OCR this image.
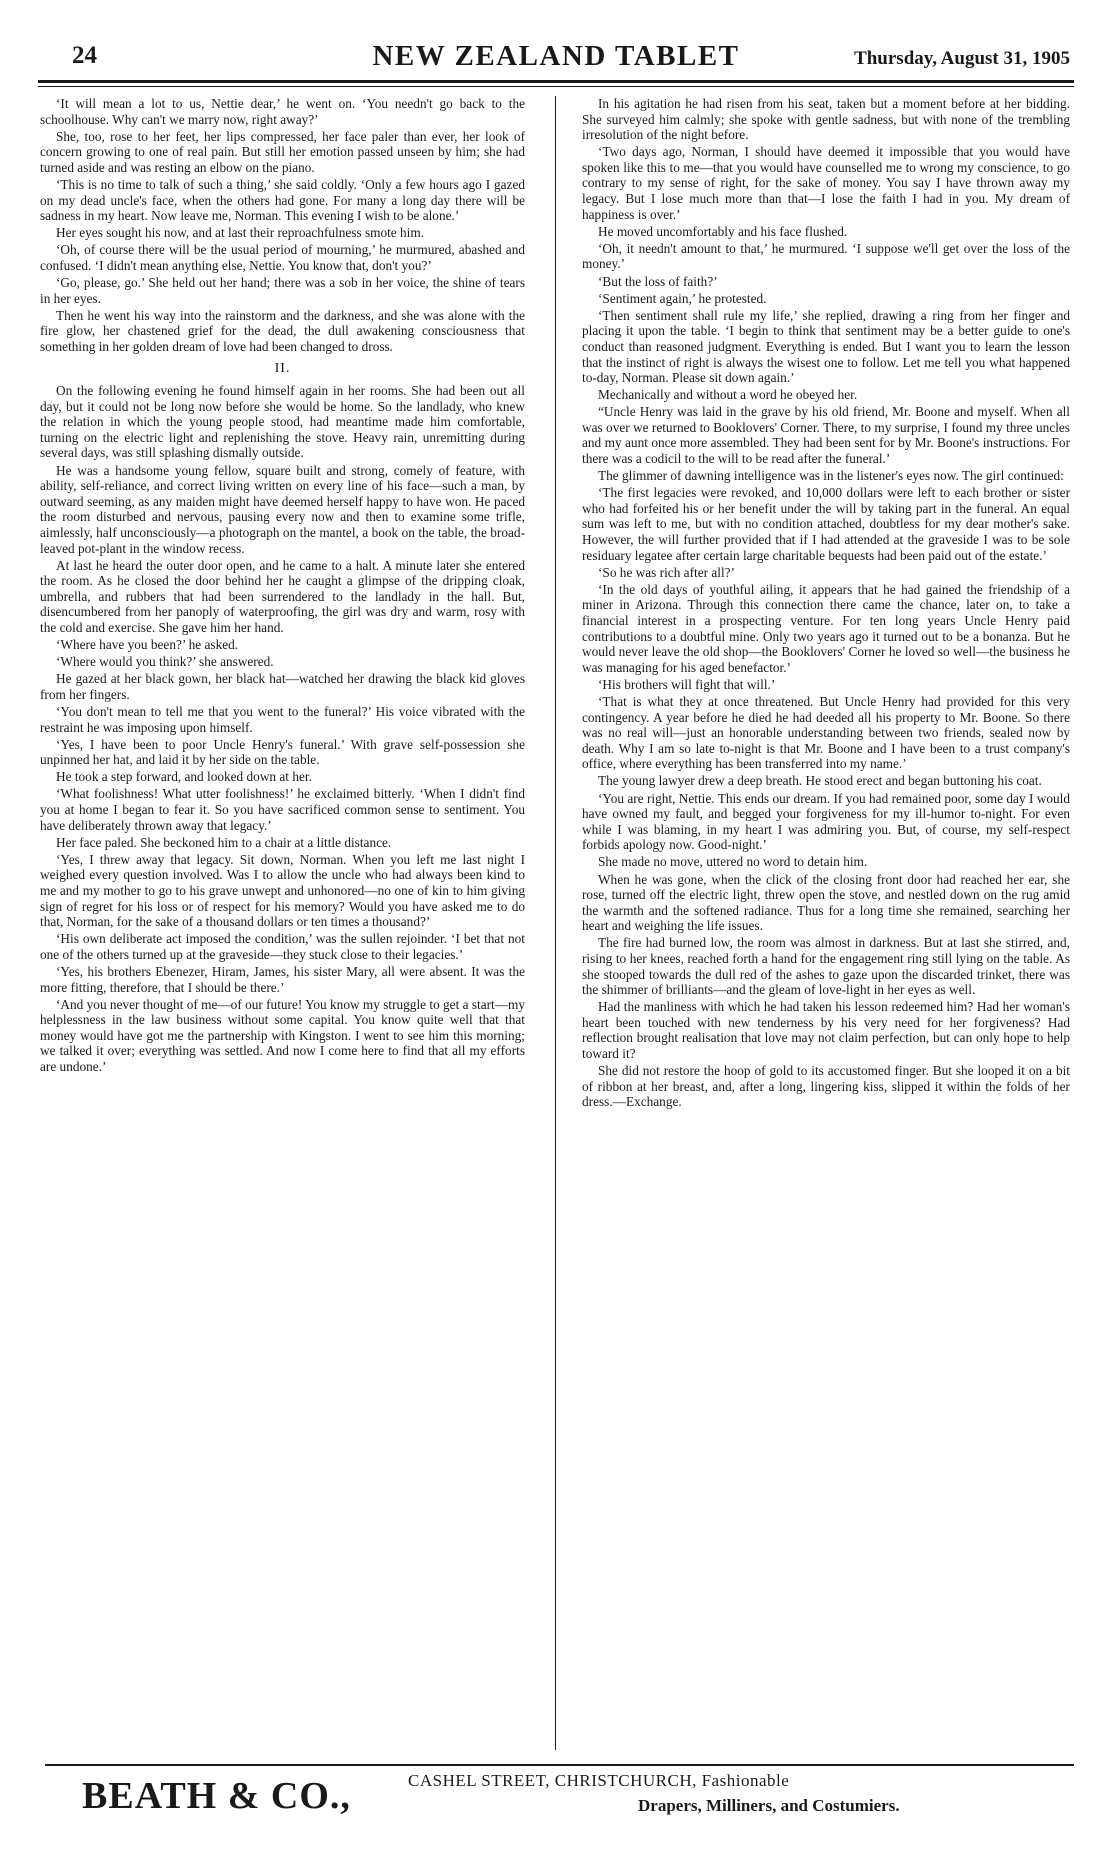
24	NEW ZEALAND TABLET	Thursday, August 31, 1905

‘It will mean a lot to us, Nettie dear,’ he went on. ‘You needn't go back to the schoolhouse. Why can't we marry now, right away?’

She, too, rose to her feet, her lips compressed, her face paler than ever, her look of concern growing to one of real pain. But still her emotion passed unseen by him; she had turned aside and was resting an elbow on the piano.

‘This is no time to talk of such a thing,’ she said coldly. ‘Only a few hours ago I gazed on my dead uncle's face, when the others had gone. For many a long day there will be sadness in my heart. Now leave me, Norman. This evening I wish to be alone.’

Her eyes sought his now, and at last their reproachfulness smote him.

‘Oh, of course there will be the usual period of mourning,’ he murmured, abashed and confused. ‘I didn't mean anything else, Nettie. You know that, don't you?’

‘Go, please, go.’ She held out her hand; there was a sob in her voice, the shine of tears in her eyes.

Then he went his way into the rainstorm and the darkness, and she was alone with the fire glow, her chastened grief for the dead, the dull awakening consciousness that something in her golden dream of love had been changed to dross.

II.

On the following evening he found himself again in her rooms. She had been out all day, but it could not be long now before she would be home. So the landlady, who knew the relation in which the young people stood, had meantime made him comfortable, turning on the electric light and replenishing the stove. Heavy rain, unremitting during several days, was still splashing dismally outside.

He was a handsome young fellow, square built and strong, comely of feature, with ability, self-reliance, and correct living written on every line of his face—such a man, by outward seeming, as any maiden might have deemed herself happy to have won. He paced the room disturbed and nervous, pausing every now and then to examine some trifle, aimlessly, half unconsciously—a photograph on the mantel, a book on the table, the broad-leaved pot-plant in the window recess.

At last he heard the outer door open, and he came to a halt. A minute later she entered the room. As he closed the door behind her he caught a glimpse of the dripping cloak, umbrella, and rubbers that had been surrendered to the landlady in the hall. But, disencumbered from her panoply of waterproofing, the girl was dry and warm, rosy with the cold and exercise. She gave him her hand.

‘Where have you been?’ he asked.

‘Where would you think?’ she answered.

He gazed at her black gown, her black hat—watched her drawing the black kid gloves from her fingers.

‘You don't mean to tell me that you went to the funeral?’ His voice vibrated with the restraint he was imposing upon himself.

‘Yes, I have been to poor Uncle Henry's funeral.’ With grave self-possession she unpinned her hat, and laid it by her side on the table.

He took a step forward, and looked down at her.

‘What foolishness! What utter foolishness!’ he exclaimed bitterly. ‘When I didn't find you at home I began to fear it. So you have sacrificed common sense to sentiment. You have deliberately thrown away that legacy.’

Her face paled. She beckoned him to a chair at a little distance.

‘Yes, I threw away that legacy. Sit down, Norman. When you left me last night I weighed every question involved. Was I to allow the uncle who had always been kind to me and my mother to go to his grave unwept and unhonored—no one of kin to him giving sign of regret for his loss or of respect for his memory? Would you have asked me to do that, Norman, for the sake of a thousand dollars or ten times a thousand?’

‘His own deliberate act imposed the condition,’ was the sullen rejoinder. ‘I bet that not one of the others turned up at the graveside—they stuck close to their legacies.’

‘Yes, his brothers Ebenezer, Hiram, James, his sister Mary, all were absent. It was the more fitting, therefore, that I should be there.’

‘And you never thought of me—of our future! You know my struggle to get a start—my helplessness in the law business without some capital. You know quite well that that money would have got me the partnership with Kingston. I went to see him this morning; we talked it over; everything was settled. And now I come here to find that all my efforts are undone.’

In his agitation he had risen from his seat, taken but a moment before at her bidding. She surveyed him calmly; she spoke with gentle sadness, but with none of the trembling irresolution of the night before.

‘Two days ago, Norman, I should have deemed it impossible that you would have spoken like this to me—that you would have counselled me to wrong my conscience, to go contrary to my sense of right, for the sake of money. You say I have thrown away my legacy. But I lose much more than that—I lose the faith I had in you. My dream of happiness is over.’

He moved uncomfortably and his face flushed.

‘Oh, it needn't amount to that,’ he murmured. ‘I suppose we'll get over the loss of the money.’

‘But the loss of faith?’

‘Sentiment again,’ he protested.

‘Then sentiment shall rule my life,’ she replied, drawing a ring from her finger and placing it upon the table. ‘I begin to think that sentiment may be a better guide to one's conduct than reasoned judgment. Everything is ended. But I want you to learn the lesson that the instinct of right is always the wisest one to follow. Let me tell you what happened to-day, Norman. Please sit down again.’

Mechanically and without a word he obeyed her.

“Uncle Henry was laid in the grave by his old friend, Mr. Boone and myself. When all was over we returned to Booklovers' Corner. There, to my surprise, I found my three uncles and my aunt once more assembled. They had been sent for by Mr. Boone's instructions. For there was a codicil to the will to be read after the funeral.’

The glimmer of dawning intelligence was in the listener's eyes now. The girl continued:

‘The first legacies were revoked, and 10,000 dollars were left to each brother or sister who had forfeited his or her benefit under the will by taking part in the funeral. An equal sum was left to me, but with no condition attached, doubtless for my dear mother's sake. However, the will further provided that if I had attended at the graveside I was to be sole residuary legatee after certain large charitable bequests had been paid out of the estate.’

‘So he was rich after all?’

‘In the old days of youthful ailing, it appears that he had gained the friendship of a miner in Arizona. Through this connection there came the chance, later on, to take a financial interest in a prospecting venture. For ten long years Uncle Henry paid contributions to a doubtful mine. Only two years ago it turned out to be a bonanza. But he would never leave the old shop—the Booklovers' Corner he loved so well—the business he was managing for his aged benefactor.’

‘His brothers will fight that will.’

‘That is what they at once threatened. But Uncle Henry had provided for this very contingency. A year before he died he had deeded all his property to Mr. Boone. So there was no real will—just an honorable understanding between two friends, sealed now by death. Why I am so late to-night is that Mr. Boone and I have been to a trust company's office, where everything has been transferred into my name.’

The young lawyer drew a deep breath. He stood erect and began buttoning his coat.

‘You are right, Nettie. This ends our dream. If you had remained poor, some day I would have owned my fault, and begged your forgiveness for my ill-humor to-night. For even while I was blaming, in my heart I was admiring you. But, of course, my self-respect forbids apology now. Good-night.’

She made no move, uttered no word to detain him.

When he was gone, when the click of the closing front door had reached her ear, she rose, turned off the electric light, threw open the stove, and nestled down on the rug amid the warmth and the softened radiance. Thus for a long time she remained, searching her heart and weighing the life issues.

The fire had burned low, the room was almost in darkness. But at last she stirred, and, rising to her knees, reached forth a hand for the engagement ring still lying on the table. As she stooped towards the dull red of the ashes to gaze upon the discarded trinket, there was the shimmer of brilliants—and the gleam of love-light in her eyes as well.

Had the manliness with which he had taken his lesson redeemed him? Had her woman's heart been touched with new tenderness by his very need for her forgiveness? Had reflection brought realisation that love may not claim perfection, but can only hope to help toward it?

She did not restore the hoop of gold to its accustomed finger. But she looped it on a bit of ribbon at her breast, and, after a long, lingering kiss, slipped it within the folds of her dress.—Exchange.

BEATH & CO.,	CASHEL STREET, CHRISTCHURCH, Fashionable
Drapers, Milliners, and Costumiers.
